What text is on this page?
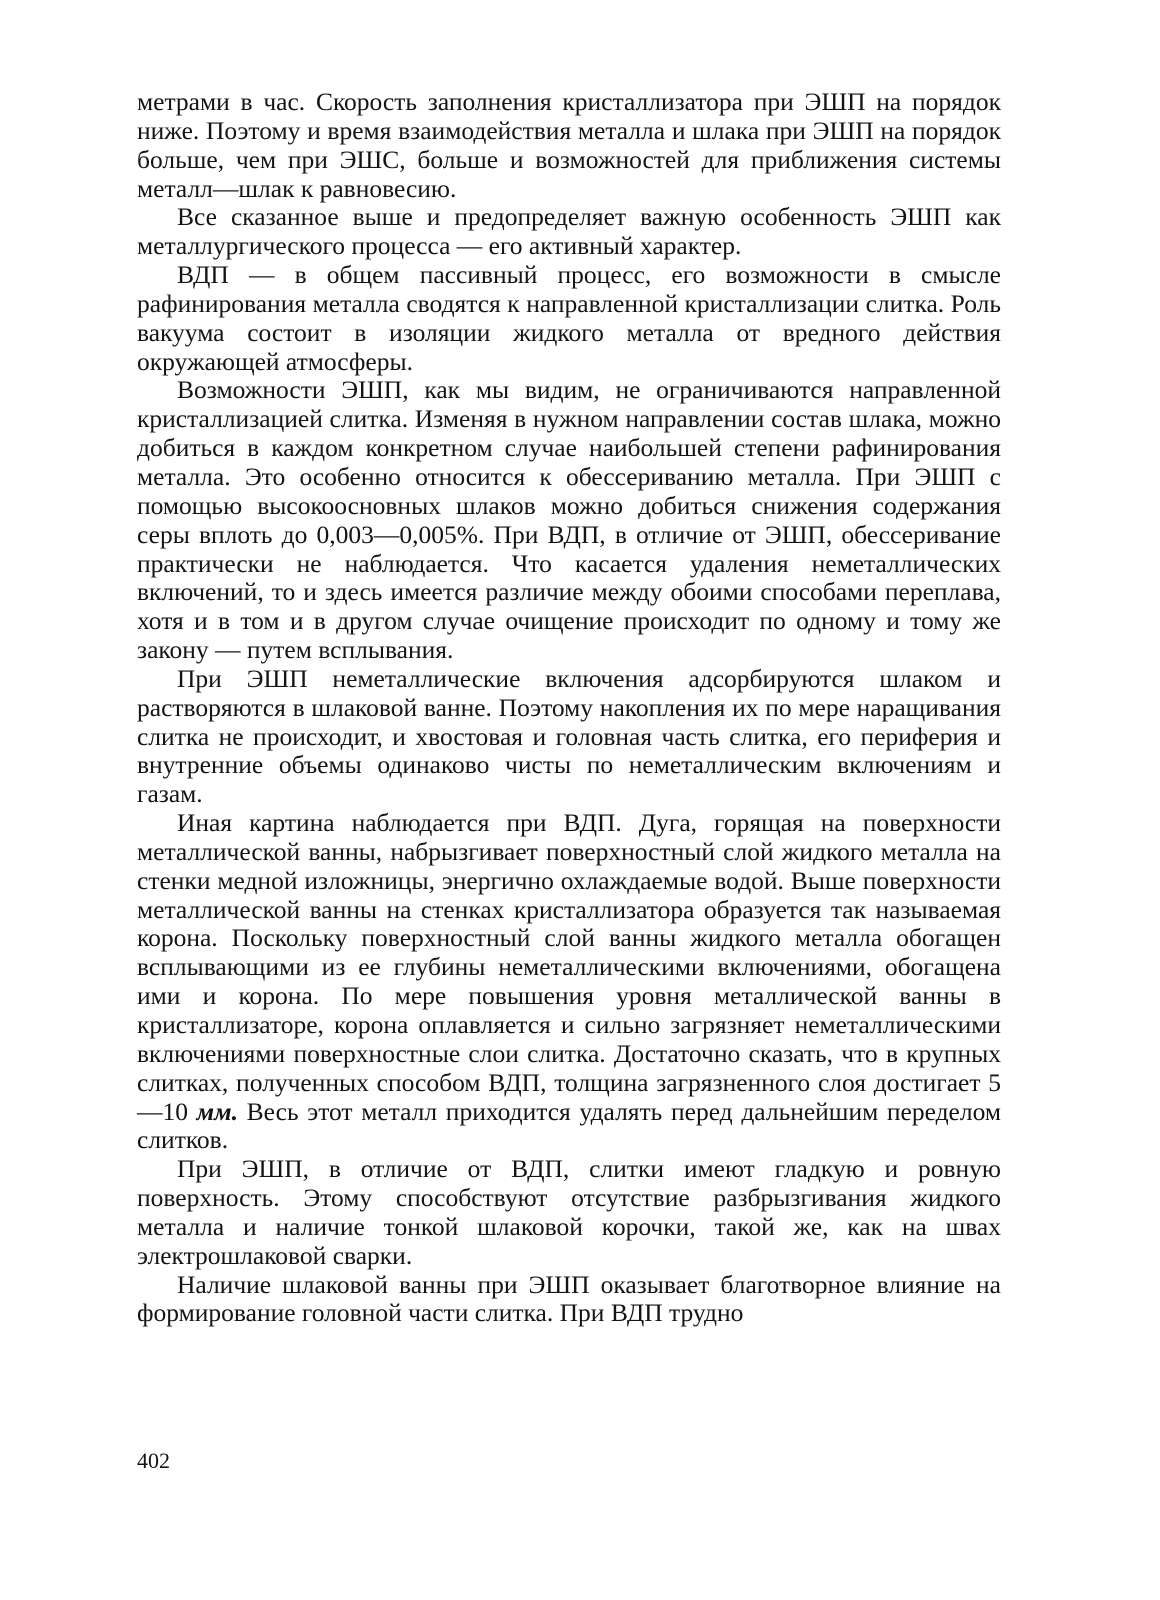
метрами в час. Скорость заполнения кристаллизатора при ЭШП на порядок ниже. Поэтому и время взаимодействия металла и шлака при ЭШП на порядок больше, чем при ЭШС, больше и возможностей для приближения системы металл—шлак к равновесию.

Все сказанное выше и предопределяет важную особенность ЭШП как металлургического процесса — его активный характер.

ВДП — в общем пассивный процесс, его возможности в смысле рафинирования металла сводятся к направленной кристаллизации слитка. Роль вакуума состоит в изоляции жидкого металла от вредного действия окружающей атмосферы.

Возможности ЭШП, как мы видим, не ограничиваются направленной кристаллизацией слитка. Изменяя в нужном направлении состав шлака, можно добиться в каждом конкретном случае наибольшей степени рафинирования металла. Это особенно относится к обессериванию металла. При ЭШП с помощью высокоосновных шлаков можно добиться снижения содержания серы вплоть до 0,003—0,005%. При ВДП, в отличие от ЭШП, обессеривание практически не наблюдается. Что касается удаления неметаллических включений, то и здесь имеется различие между обоими способами переплава, хотя и в том и в другом случае очищение происходит по одному и тому же закону — путем всплывания.

При ЭШП неметаллические включения адсорбируются шлаком и растворяются в шлаковой ванне. Поэтому накопления их по мере наращивания слитка не происходит, и хвостовая и головная часть слитка, его периферия и внутренние объемы одинаково чисты по неметаллическим включениям и газам.

Иная картина наблюдается при ВДП. Дуга, горящая на поверхности металлической ванны, набрызгивает поверхностный слой жидкого металла на стенки медной изложницы, энергично охлаждаемые водой. Выше поверхности металлической ванны на стенках кристаллизатора образуется так называемая корона. Поскольку поверхностный слой ванны жидкого металла обогащен всплывающими из ее глубины неметаллическими включениями, обогащена ими и корона. По мере повышения уровня металлической ванны в кристаллизаторе, корона оплавляется и сильно загрязняет неметаллическими включениями поверхностные слои слитка. Достаточно сказать, что в крупных слитках, полученных способом ВДП, толщина загрязненного слоя достигает 5—10 мм. Весь этот металл приходится удалять перед дальнейшим переделом слитков.

При ЭШП, в отличие от ВДП, слитки имеют гладкую и ровную поверхность. Этому способствуют отсутствие разбрызгивания жидкого металла и наличие тонкой шлаковой корочки, такой же, как на швах электрошлаковой сварки.

Наличие шлаковой ванны при ЭШП оказывает благотворное влияние на формирование головной части слитка. При ВДП трудно

402
